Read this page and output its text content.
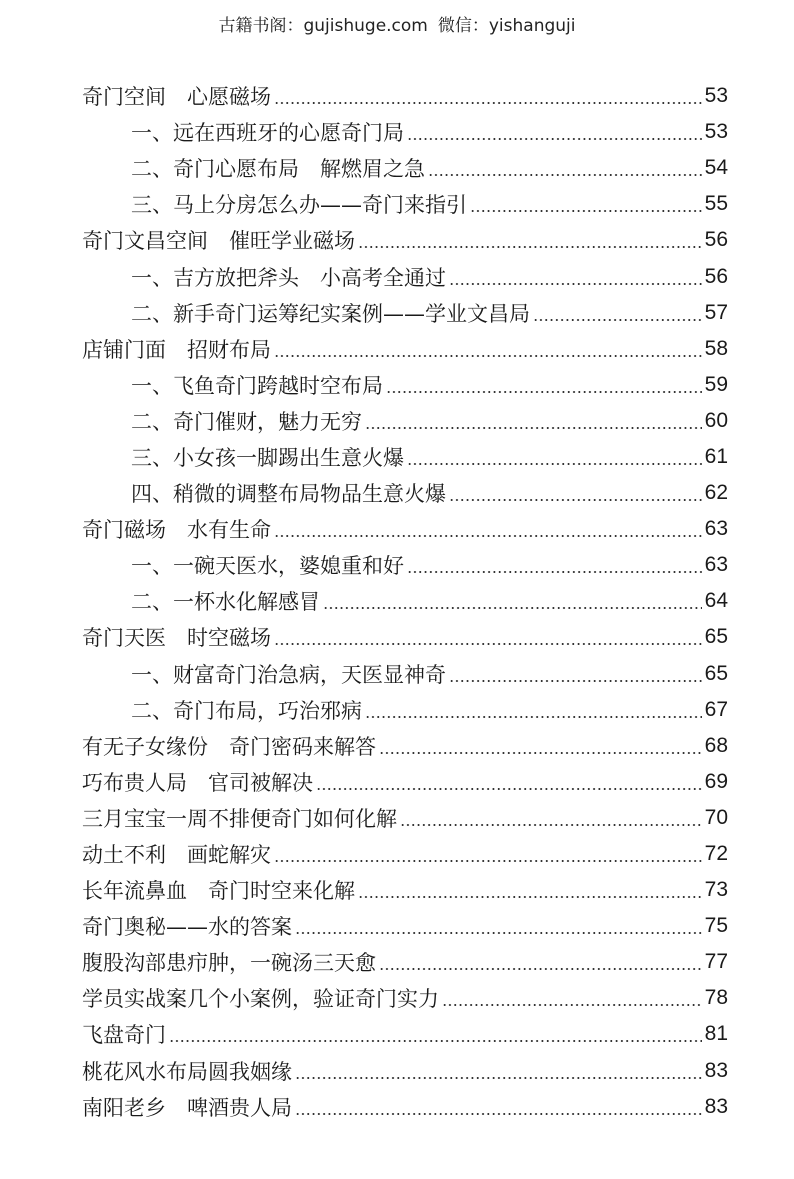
古籍书阁：gujishuge.com 微信：yishanguji
奇门空间　心愿磁场	53
一、远在西班牙的心愿奇门局	53
二、奇门心愿布局　解燃眉之急	54
三、马上分房怎么办——奇门来指引	55
奇门文昌空间　催旺学业磁场	56
一、吉方放把斧头　小高考全通过	56
二、新手奇门运筹纪实案例——学业文昌局	57
店铺门面　招财布局	58
一、飞鱼奇门跨越时空布局	59
二、奇门催财，魅力无穷	60
三、小女孩一脚踢出生意火爆	61
四、稍微的调整布局物品生意火爆	62
奇门磁场　水有生命	63
一、一碗天医水，婆媳重和好	63
二、一杯水化解感冒	64
奇门天医　时空磁场	65
一、财富奇门治急病，天医显神奇	65
二、奇门布局，巧治邪病	67
有无子女缘份　奇门密码来解答	68
巧布贵人局　官司被解决	69
三月宝宝一周不排便奇门如何化解	70
动土不利　画蛇解灾	72
长年流鼻血　奇门时空来化解	73
奇门奥秘——水的答案	75
腹股沟部患疖肿，一碗汤三天愈	77
学员实战案几个小案例，验证奇门实力	78
飞盘奇门	81
桃花风水布局圆我姻缘	83
南阳老乡　啤酒贵人局	83
